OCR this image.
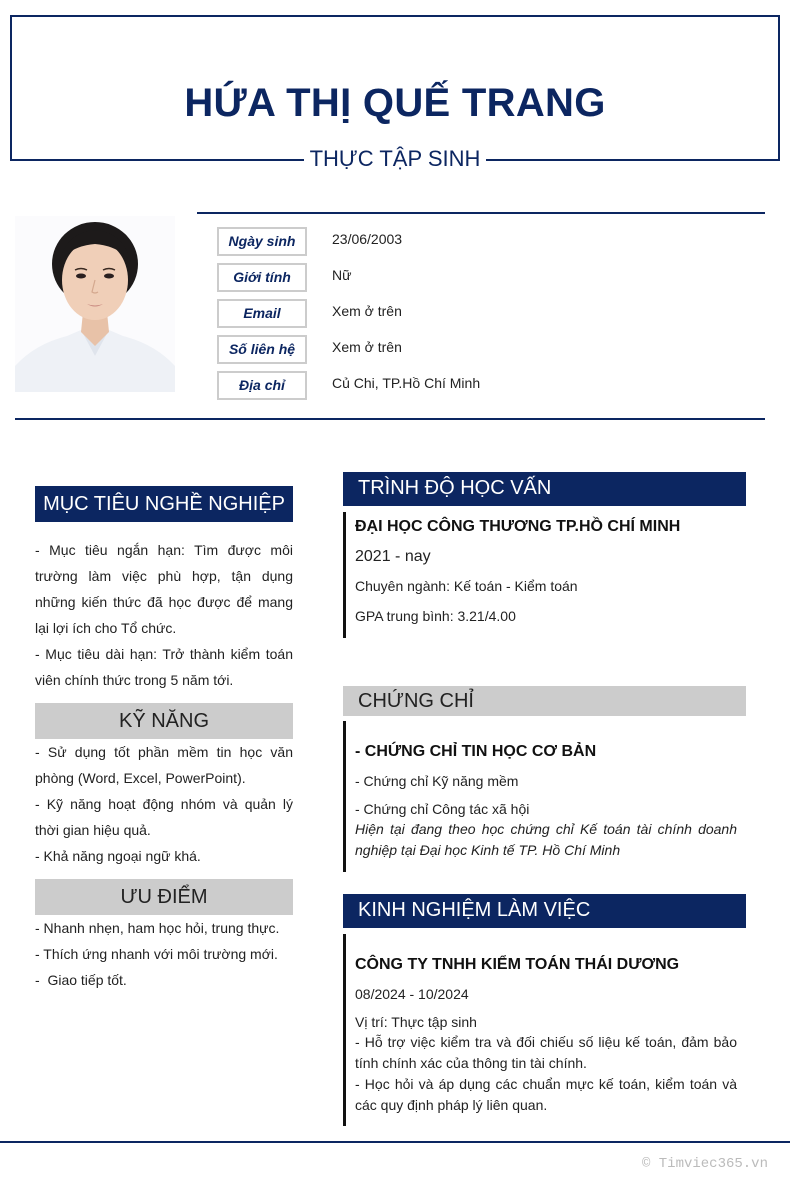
HỨA THỊ QUẾ TRANG
THỰC TẬP SINH
Ngày sinh	23/06/2003
Giới tính	Nữ
Email	Xem ở trên
Số liên hệ	Xem ở trên
Địa chỉ	Củ Chi, TP.Hồ Chí Minh
MỤC TIÊU NGHỀ NGHIỆP

- Mục tiêu ngắn hạn: Tìm được môi trường làm việc phù hợp, tận dụng những kiến thức đã học được để mang lại lợi ích cho Tổ chức.

- Mục tiêu dài hạn: Trở thành kiểm toán viên chính thức trong 5 năm tới.

KỸ NĂNG

- Sử dụng tốt phần mềm tin học văn phòng (Word, Excel, PowerPoint).

- Kỹ năng hoạt động nhóm và quản lý thời gian hiệu quả.

- Khả năng ngoại ngữ khá.

ƯU ĐIỂM

- Nhanh nhẹn, ham học hỏi, trung thực.

- Thích ứng nhanh với môi trường mới.

-  Giao tiếp tốt.

TRÌNH ĐỘ HỌC VẤN
ĐẠI HỌC CÔNG THƯƠNG TP.HỒ CHÍ MINH
2021 - nay
Chuyên ngành: Kế toán - Kiểm toán
GPA trung bình: 3.21/4.00
CHỨNG CHỈ
- CHỨNG CHỈ TIN HỌC CƠ BẢN
- Chứng chỉ Kỹ năng mềm
- Chứng chỉ Công tác xã hội
Hiện tại đang theo học chứng chỉ Kế toán tài chính doanh nghiệp tại Đại học Kinh tế TP. Hồ Chí Minh
KINH NGHIỆM LÀM VIỆC
CÔNG TY TNHH KIỂM TOÁN THÁI DƯƠNG
08/2024 - 10/2024
Vị trí: Thực tập sinh
- Hỗ trợ việc kiểm tra và đối chiếu số liệu kế toán, đảm bảo tính chính xác của thông tin tài chính.
- Học hỏi và áp dụng các chuẩn mực kế toán, kiểm toán và các quy định pháp lý liên quan.
© Timviec365.vn
